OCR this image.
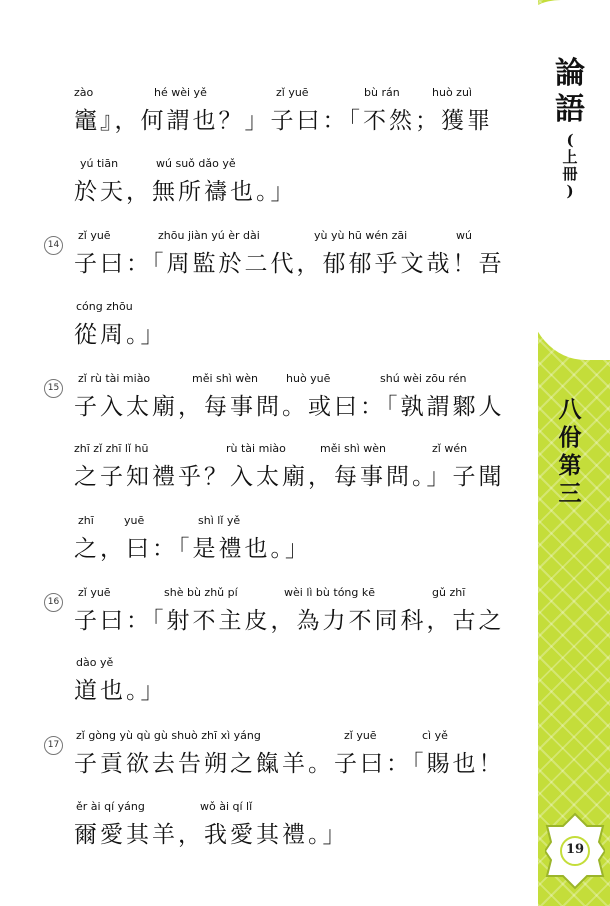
論
語
(
上
冊
)
八
佾
第
三
19
zào	hé wèi yě	zǐ yuē	bù rán	huò zuì
竈』，何謂也？」子曰：「不然；獲罪
yú tiān	wú suǒ dǎo yě
於天，無所禱也。」
14
zǐ yuē	zhōu jiàn yú èr dài	yù yù hū wén zāi	wú
子曰：「周監於二代，郁郁乎文哉！吾
cóng zhōu
從周。」
15
zǐ rù tài miào	měi shì wèn	huò yuē	shú wèi zōu rén
子入太廟，每事問。或曰：「孰謂鄹人
zhī zǐ zhī lǐ hū	rù tài miào	měi shì wèn	zǐ wén
之子知禮乎？入太廟，每事問。」子聞
zhī	yuē	shì lǐ yě
之，曰：「是禮也。」
16
zǐ yuē	shè bù zhǔ pí	wèi lì bù tóng kē	gǔ zhī
子曰：「射不主皮，為力不同科，古之
dào yě
道也。」
17
zǐ gòng yù qù gù shuò zhī xì yáng	zǐ yuē	cì yě
子貢欲去告朔之餼羊。子曰：「賜也！
ěr ài qí yáng	wǒ ài qí lǐ
爾愛其羊，我愛其禮。」
